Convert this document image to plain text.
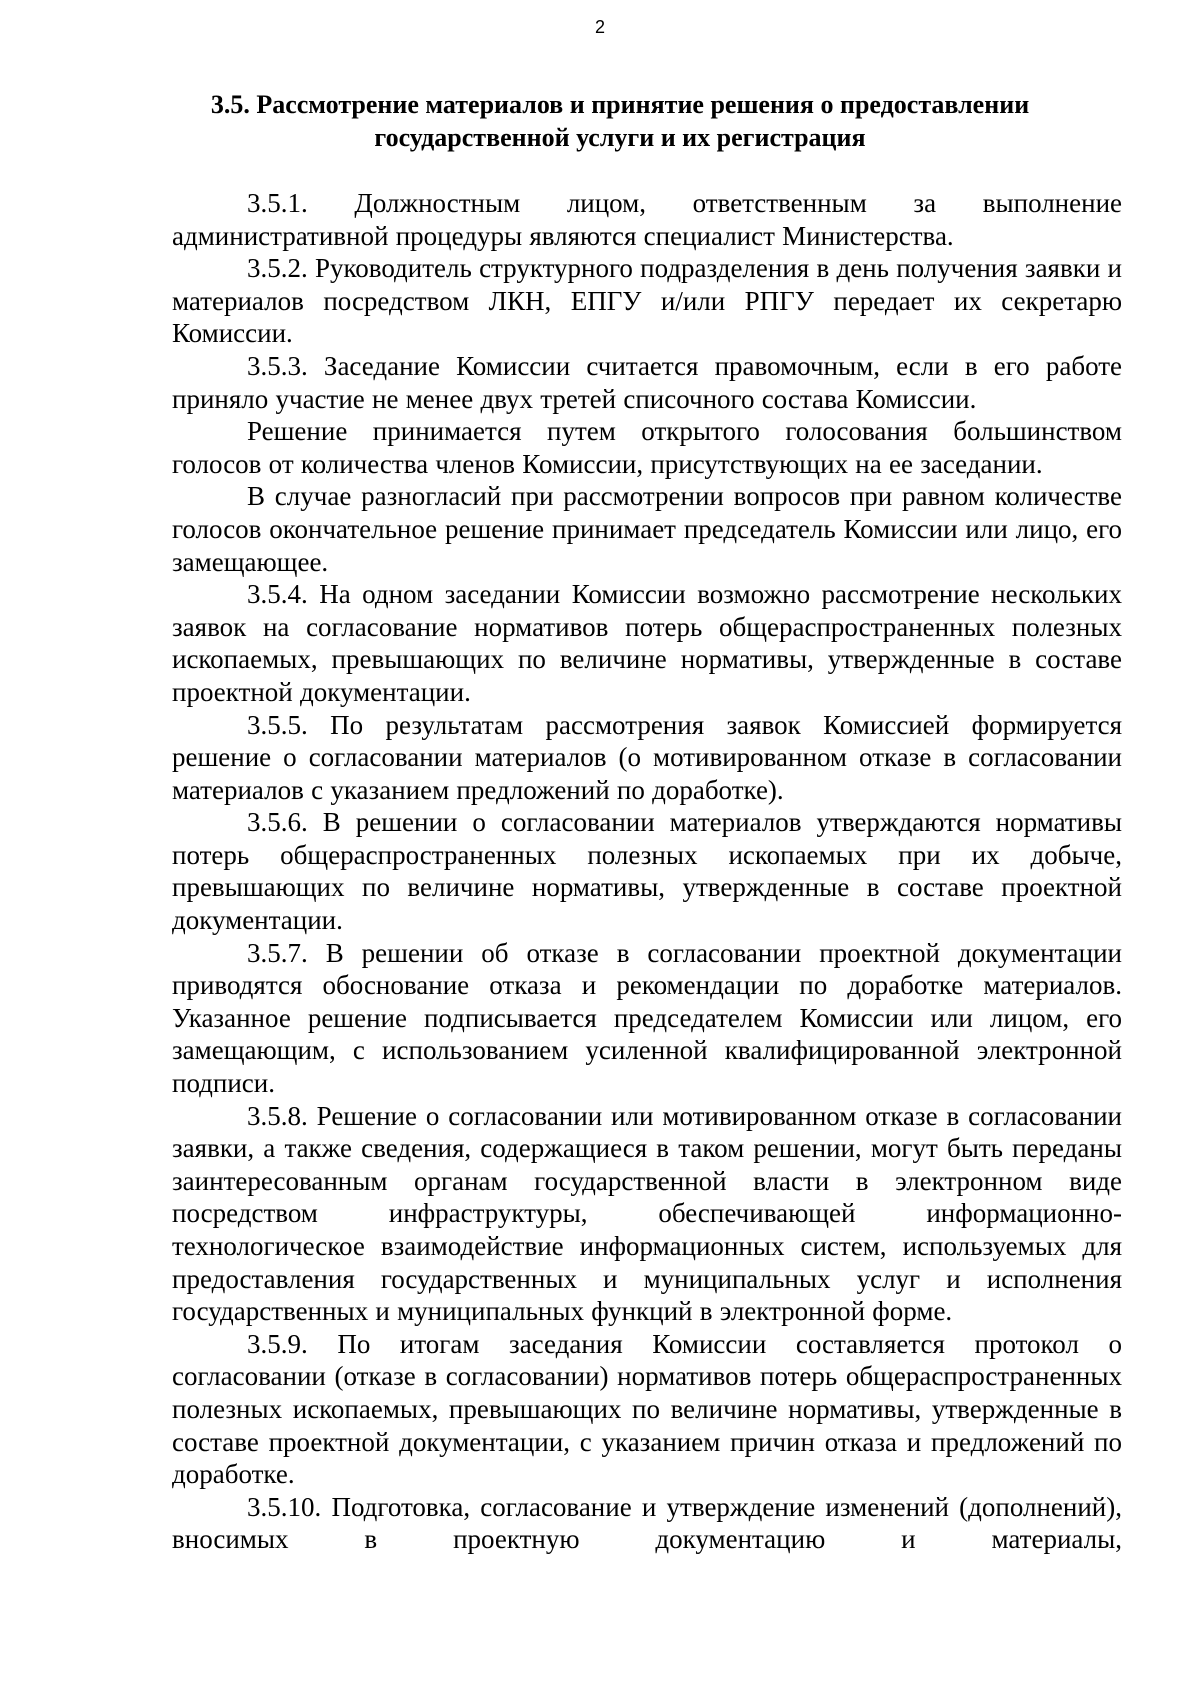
2
3.5. Рассмотрение материалов и принятие решения о предоставлении государственной услуги и их регистрация

3.5.1. Должностным лицом, ответственным за выполнение административной процедуры являются специалист Министерства.

3.5.2. Руководитель структурного подразделения в день получения заявки и материалов посредством ЛКН, ЕПГУ и/или РПГУ передает их секретарю Комиссии.

3.5.3. Заседание Комиссии считается правомочным, если в его работе приняло участие не менее двух третей списочного состава Комиссии.

Решение принимается путем открытого голосования большинством голосов от количества членов Комиссии, присутствующих на ее заседании.

В случае разногласий при рассмотрении вопросов при равном количестве голосов окончательное решение принимает председатель Комиссии или лицо, его замещающее.

3.5.4. На одном заседании Комиссии возможно рассмотрение нескольких заявок на согласование нормативов потерь общераспространенных полезных ископаемых, превышающих по величине нормативы, утвержденные в составе проектной документации.

3.5.5. По результатам рассмотрения заявок Комиссией формируется решение о согласовании материалов (о мотивированном отказе в согласовании материалов с указанием предложений по доработке).

3.5.6. В решении о согласовании материалов утверждаются нормативы потерь общераспространенных полезных ископаемых при их добыче, превышающих по величине нормативы, утвержденные в составе проектной документации.

3.5.7. В решении об отказе в согласовании проектной документации приводятся обоснование отказа и рекомендации по доработке материалов. Указанное решение подписывается председателем Комиссии или лицом, его замещающим, с использованием усиленной квалифицированной электронной подписи.

3.5.8. Решение о согласовании или мотивированном отказе в согласовании заявки, а также сведения, содержащиеся в таком решении, могут быть переданы заинтересованным органам государственной власти в электронном виде посредством инфраструктуры, обеспечивающей информационно-технологическое взаимодействие информационных систем, используемых для предоставления государственных и муниципальных услуг и исполнения государственных и муниципальных функций в электронной форме.

3.5.9. По итогам заседания Комиссии составляется протокол о согласовании (отказе в согласовании) нормативов потерь общераспространенных полезных ископаемых, превышающих по величине нормативы, утвержденные в составе проектной документации, с указанием причин отказа и предложений по доработке.

3.5.10. Подготовка, согласование и утверждение изменений (дополнений), вносимых в проектную документацию и материалы,
